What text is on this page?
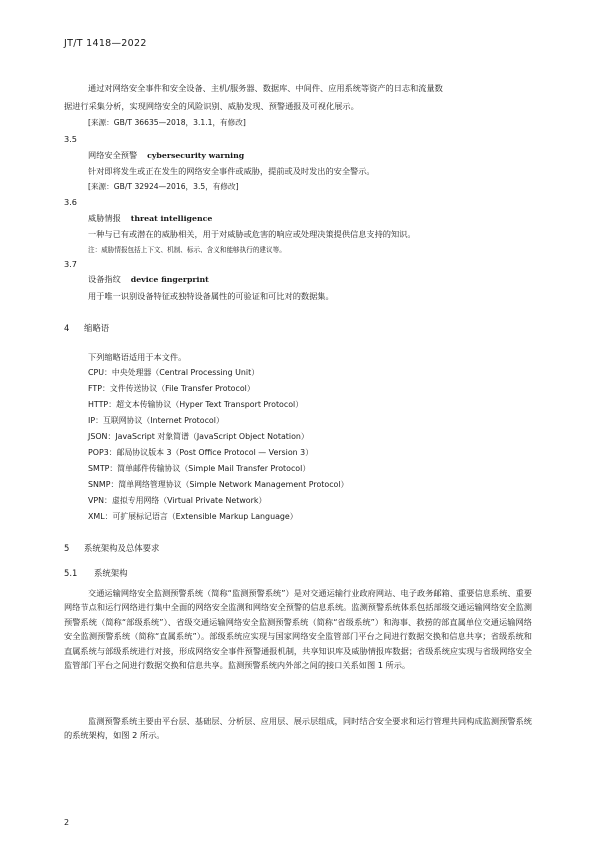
JT/T 1418—2022
通过对网络安全事件和安全设备、主机/服务器、数据库、中间件、应用系统等资产的日志和流量数
据进行采集分析，实现网络安全的风险识别、威胁发现、预警通报及可视化展示。
[来源：GB/T 36635—2018，3.1.1，有修改]
3.5
网络安全预警 cybersecurity warning
针对即将发生或正在发生的网络安全事件或威胁，提前或及时发出的安全警示。
[来源：GB/T 32924—2016，3.5，有修改]
3.6
威胁情报 threat intelligence
一种与已有或潜在的威胁相关，用于对威胁或危害的响应或处理决策提供信息支持的知识。
注：威胁情报包括上下文、机制、标示、含义和能够执行的建议等。
3.7
设备指纹 device fingerprint
用于唯一识别设备特征或独特设备属性的可验证和可比对的数据集。
4 缩略语
下列缩略语适用于本文件。
CPU：中央处理器（Central Processing Unit）
FTP：文件传送协议（File Transfer Protocol）
HTTP：超文本传输协议（Hyper Text Transport Protocol）
IP：互联网协议（Internet Protocol）
JSON：JavaScript 对象简谱（JavaScript Object Notation）
POP3：邮局协议版本 3（Post Office Protocol — Version 3）
SMTP：简单邮件传输协议（Simple Mail Transfer Protocol）
SNMP：简单网络管理协议（Simple Network Management Protocol）
VPN：虚拟专用网络（Virtual Private Network）
XML：可扩展标记语言（Extensible Markup Language）
5 系统架构及总体要求
5.1 系统架构
交通运输网络安全监测预警系统（简称“监测预警系统”）是对交通运输行业政府网站、电子政务邮箱、重要信息系统、重要网络节点和运行网络进行集中全面的网络安全监测和网络安全预警的信息系统。监测预警系统体系包括部级交通运输网络安全监测预警系统（简称“部级系统”）、省级交通运输网络安全监测预警系统（简称“省级系统”）和海事、救捞的部直属单位交通运输网络安全监测预警系统（简称“直属系统”）。部级系统应实现与国家网络安全监管部门平台之间进行数据交换和信息共享；省级系统和直属系统与部级系统进行对接，形成网络安全事件预警通报机制，共享知识库及威胁情报库数据；省级系统应实现与省级网络安全监管部门平台之间进行数据交换和信息共享。监测预警系统内外部之间的接口关系如图 1 所示。
监测预警系统主要由平台层、基础层、分析层、应用层、展示层组成，同时结合安全要求和运行管理共同构成监测预警系统的系统架构，如图 2 所示。
2
